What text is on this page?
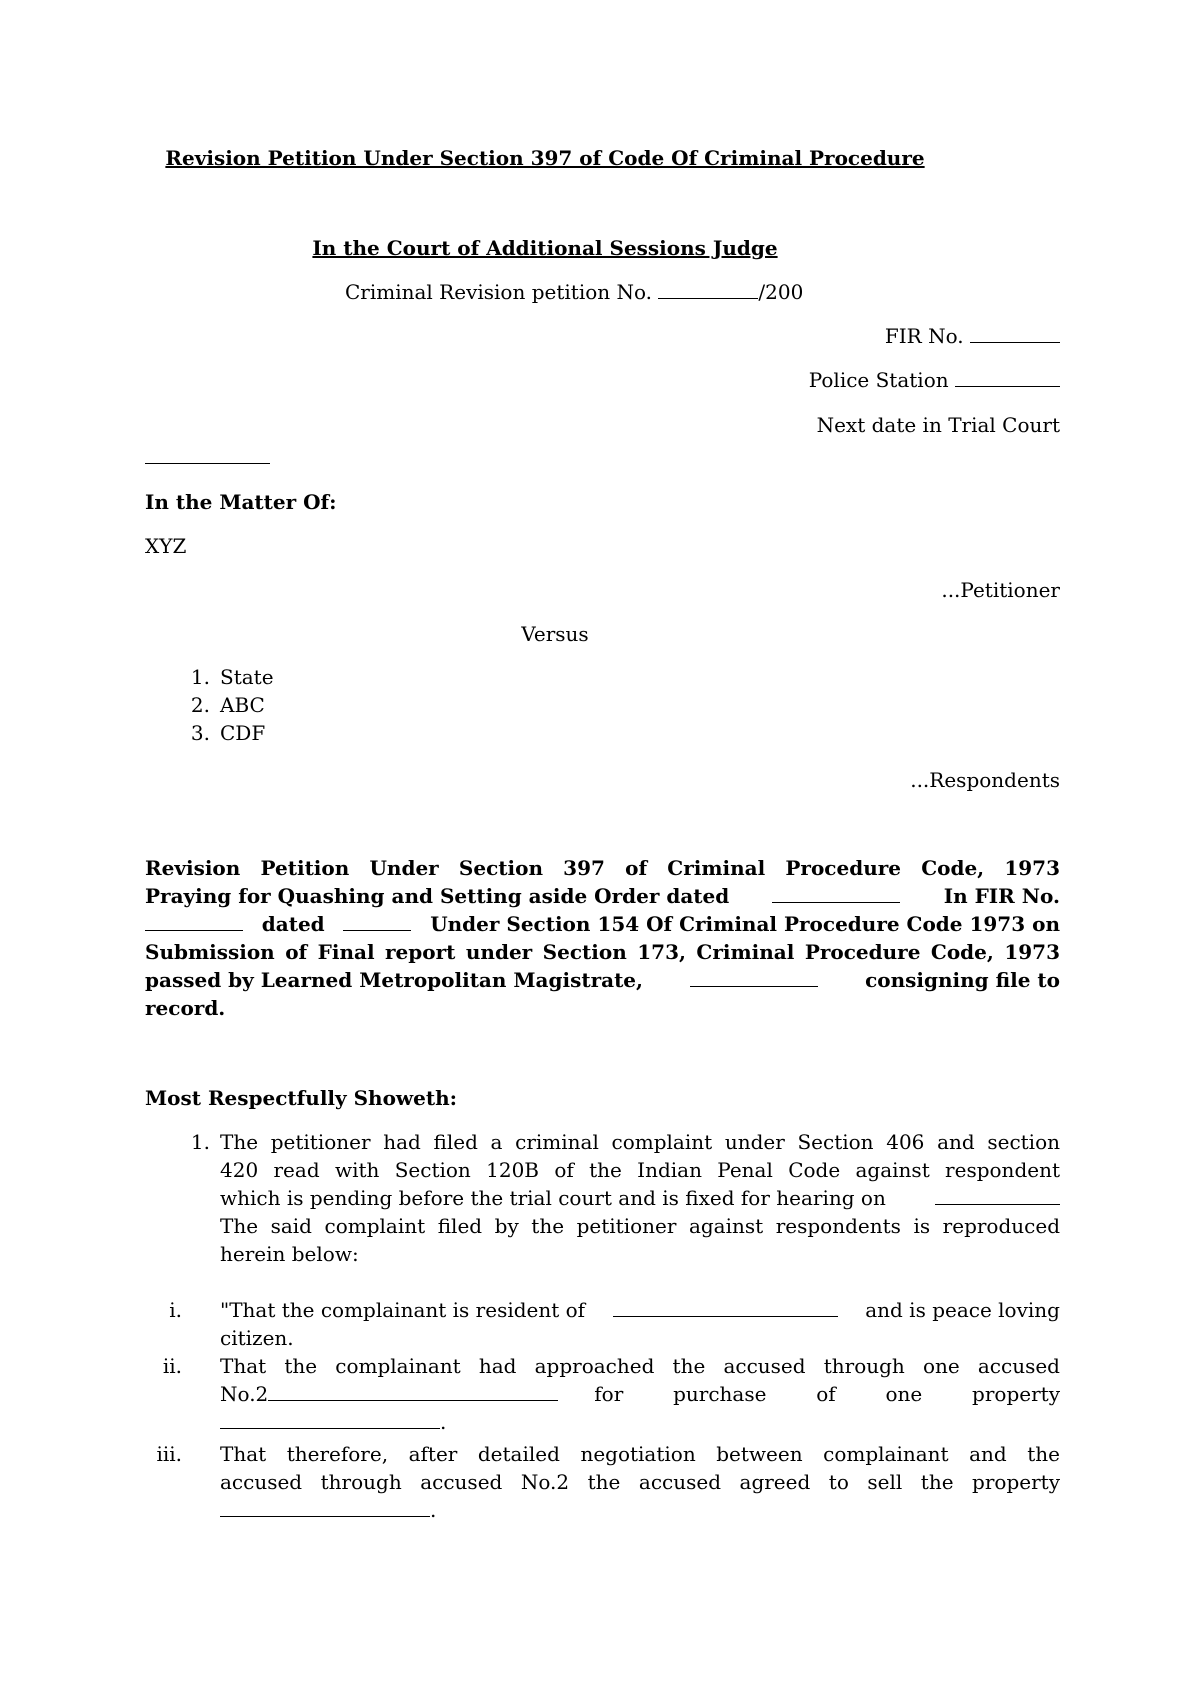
Revision Petition Under Section 397 of Code Of Criminal Procedure
In the Court of Additional Sessions Judge
Criminal Revision petition No.	/200
FIR No.
Police Station
Next date in Trial Court
In the Matter Of:
XYZ
...Petitioner
Versus
1. State
2. ABC
3. CDF
...Respondents
Revision Petition Under Section 397 of Criminal Procedure Code, 1973
Praying for Quashing and Setting aside Order dated	In FIR No.
dated	Under Section 154 Of Criminal Procedure Code 1973 on
Submission of Final report under Section 173, Criminal Procedure Code, 1973
passed by Learned Metropolitan Magistrate,	consigning file to
record.
Most Respectfully Showeth:
1. The petitioner had filed a criminal complaint under Section 406 and section
420 read with Section 120B of the Indian Penal Code against respondent
which is pending before the trial court and is fixed for hearing on
The said complaint filed by the petitioner against respondents is reproduced
herein below:
i. "That the complainant is resident of	and is peace loving
citizen.
ii. That the complainant had approached the accused through one accused
No.2	for purchase of one property
.
iii. That therefore, after detailed negotiation between complainant and the
accused through accused No.2 the accused agreed to sell the property
.
